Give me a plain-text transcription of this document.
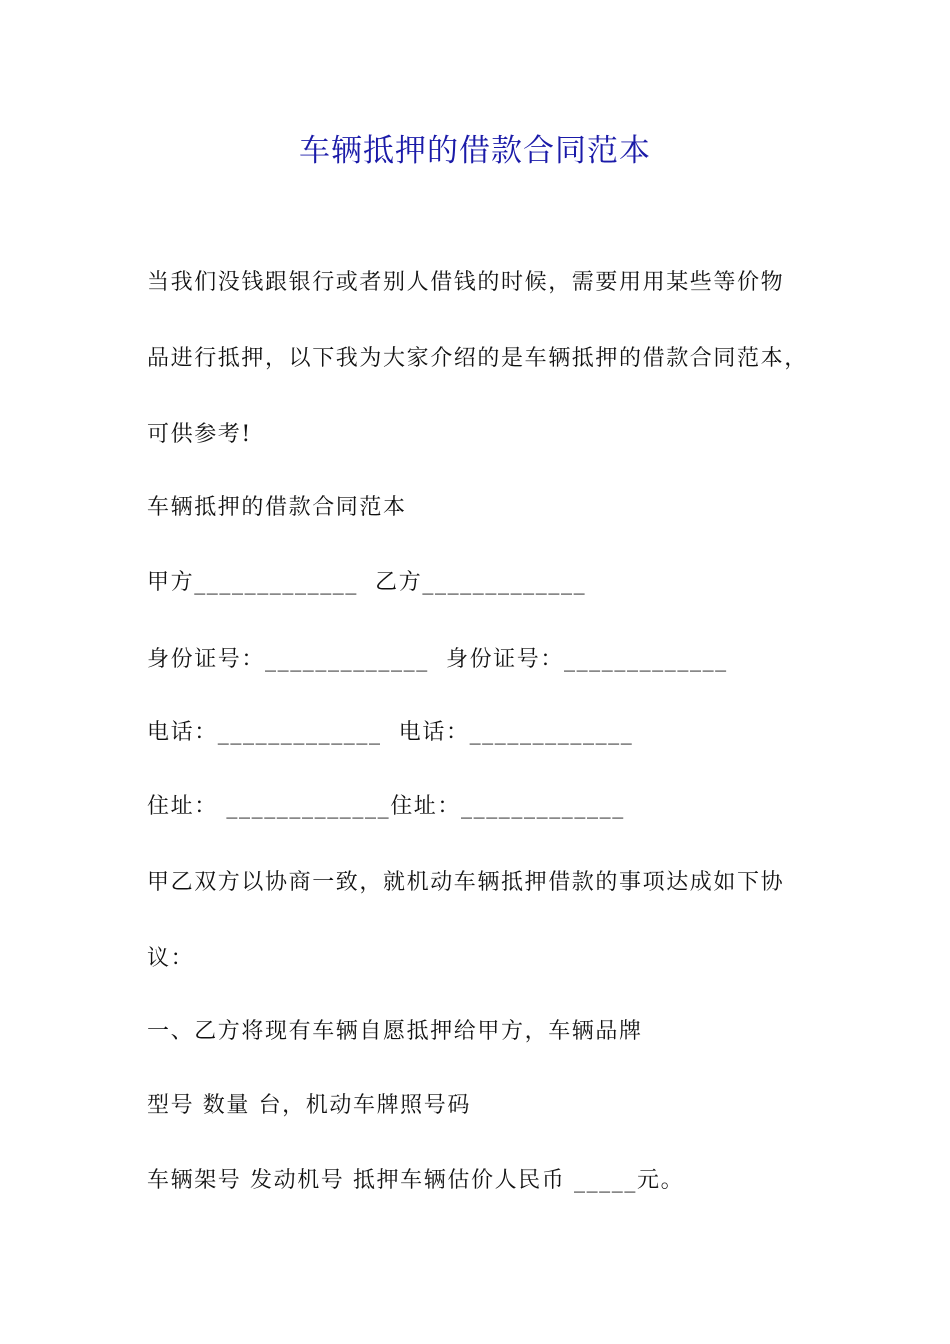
车辆抵押的借款合同范本
当我们没钱跟银行或者别人借钱的时候，需要用用某些等价物
品进行抵押，以下我为大家介绍的是车辆抵押的借款合同范本，
可供参考!
车辆抵押的借款合同范本
甲方_____________  乙方_____________
身份证号：_____________  身份证号：_____________
电话：_____________  电话：_____________
住址： _____________住址：_____________
甲乙双方以协商一致，就机动车辆抵押借款的事项达成如下协
议：
一、乙方将现有车辆自愿抵押给甲方，车辆品牌
型号 数量 台，机动车牌照号码
车辆架号 发动机号 抵押车辆估价人民币 _____元。
